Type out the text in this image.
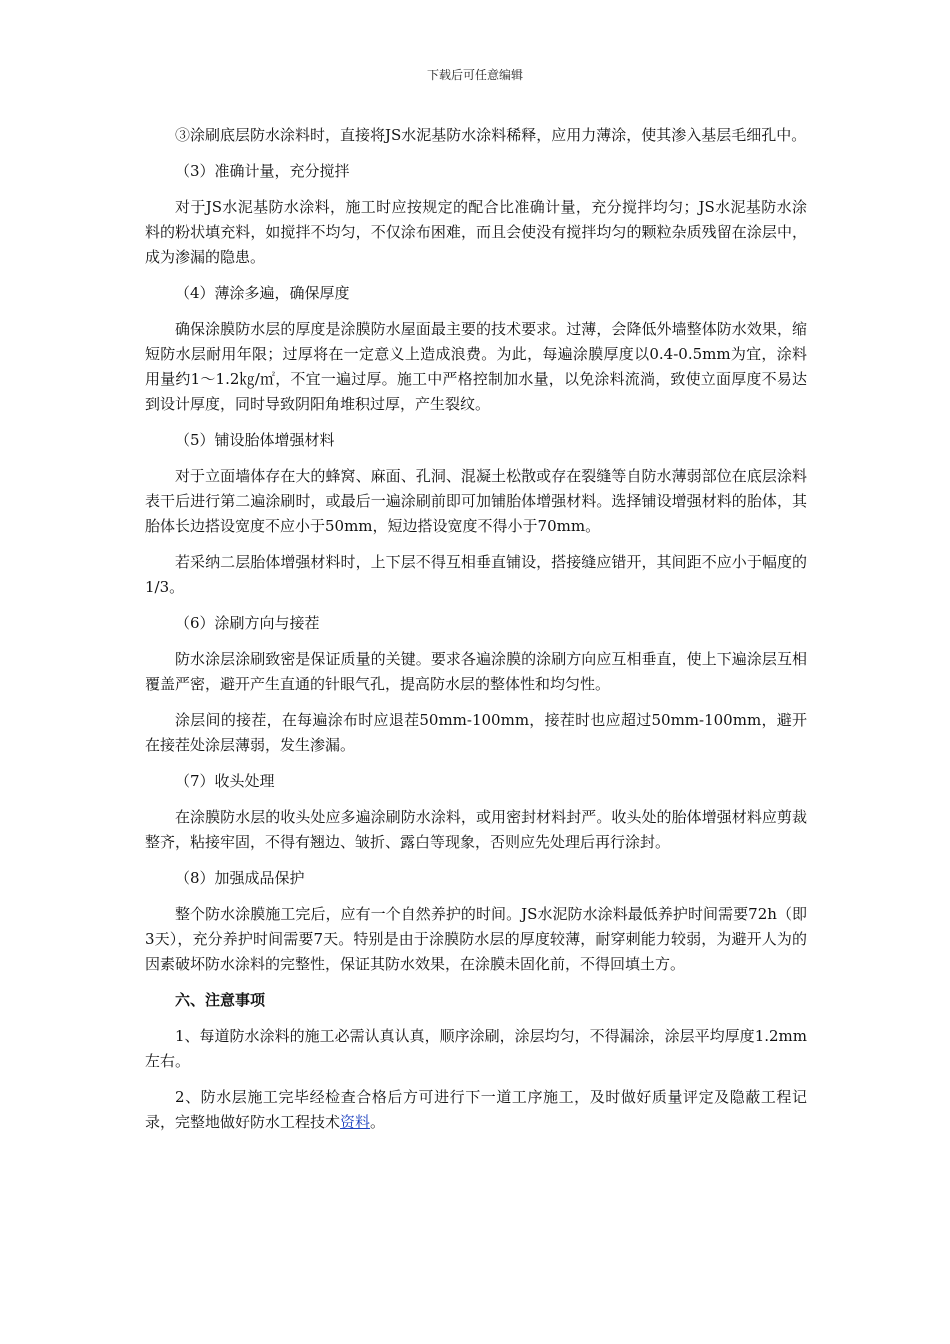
下载后可任意编辑

③涂刷底层防水涂料时，直接将JS水泥基防水涂料稀释，应用力薄涂，使其渗入基层毛细孔中。

（3）准确计量，充分搅拌

对于JS水泥基防水涂料，施工时应按规定的配合比准确计量，充分搅拌均匀；JS水泥基防水涂料的粉状填充料，如搅拌不均匀，不仅涂布困难，而且会使没有搅拌均匀的颗粒杂质残留在涂层中，成为渗漏的隐患。

（4）薄涂多遍，确保厚度

确保涂膜防水层的厚度是涂膜防水屋面最主要的技术要求。过薄，会降低外墙整体防水效果，缩短防水层耐用年限；过厚将在一定意义上造成浪费。为此，每遍涂膜厚度以0.4-0.5mm为宜，涂料用量约1～1.2㎏/㎡，不宜一遍过厚。施工中严格控制加水量，以免涂料流淌，致使立面厚度不易达到设计厚度，同时导致阴阳角堆积过厚，产生裂纹。

（5）铺设胎体增强材料

对于立面墙体存在大的蜂窝、麻面、孔洞、混凝土松散或存在裂缝等自防水薄弱部位在底层涂料表干后进行第二遍涂刷时，或最后一遍涂刷前即可加铺胎体增强材料。选择铺设增强材料的胎体，其胎体长边搭设宽度不应小于50mm，短边搭设宽度不得小于70mm。

若采纳二层胎体增强材料时，上下层不得互相垂直铺设，搭接缝应错开，其间距不应小于幅度的1/3。

（6）涂刷方向与接茬

防水涂层涂刷致密是保证质量的关键。要求各遍涂膜的涂刷方向应互相垂直，使上下遍涂层互相覆盖严密，避开产生直通的针眼气孔，提高防水层的整体性和均匀性。

涂层间的接茬，在每遍涂布时应退茬50mm-100mm，接茬时也应超过50mm-100mm，避开在接茬处涂层薄弱，发生渗漏。

（7）收头处理

在涂膜防水层的收头处应多遍涂刷防水涂料，或用密封材料封严。收头处的胎体增强材料应剪裁整齐，粘接牢固，不得有翘边、皱折、露白等现象，否则应先处理后再行涂封。

（8）加强成品保护

整个防水涂膜施工完后，应有一个自然养护的时间。JS水泥防水涂料最低养护时间需要72h（即3天），充分养护时间需要7天。特别是由于涂膜防水层的厚度较薄，耐穿刺能力较弱，为避开人为的因素破坏防水涂料的完整性，保证其防水效果，在涂膜未固化前，不得回填土方。

六、注意事项

1、每道防水涂料的施工必需认真认真，顺序涂刷，涂层均匀，不得漏涂，涂层平均厚度1.2mm左右。

2、防水层施工完毕经检查合格后方可进行下一道工序施工，及时做好质量评定及隐蔽工程记录，完整地做好防水工程技术资料。
